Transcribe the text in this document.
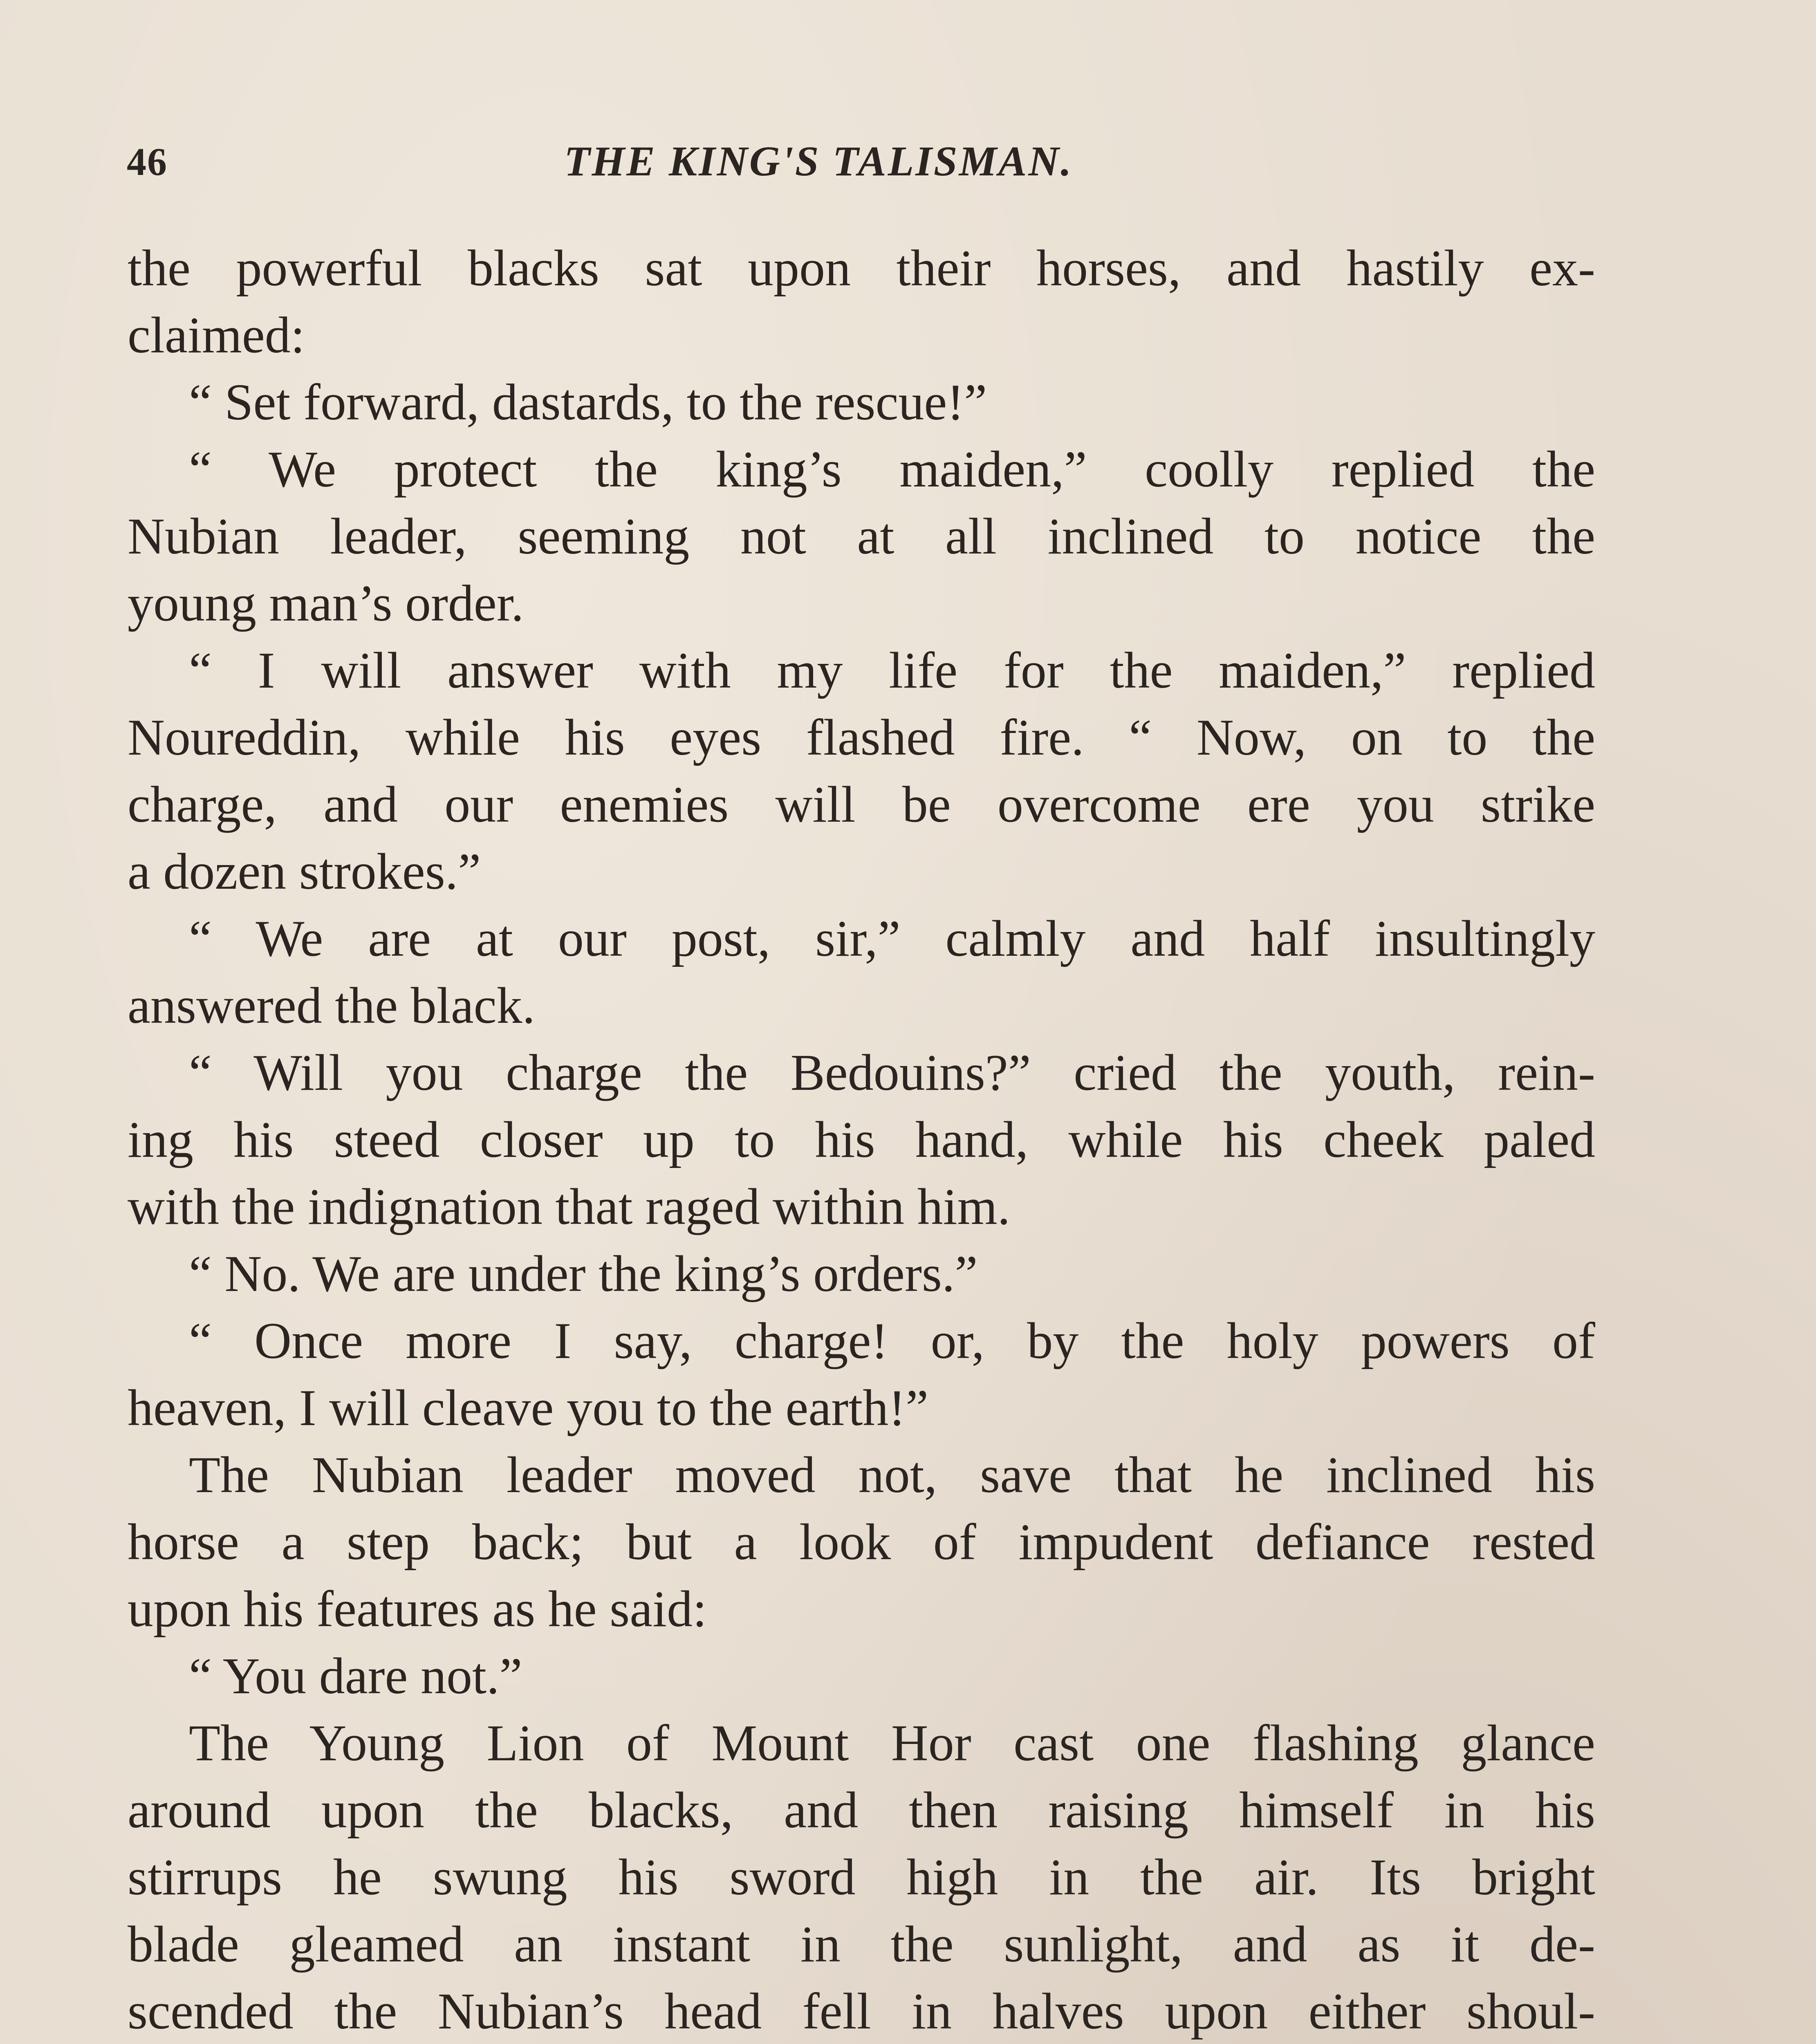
46	THE KING'S TALISMAN.
the powerful blacks sat upon their horses, and hastily ex-
claimed:
“ Set forward, dastards, to the rescue!”
“ We protect the king’s maiden,” coolly replied the
Nubian leader, seeming not at all inclined to notice the
young man’s order.
“ I will answer with my life for the maiden,” replied
Noureddin, while his eyes flashed fire. “ Now, on to the
charge, and our enemies will be overcome ere you strike
a dozen strokes.”
“ We are at our post, sir,” calmly and half insultingly
answered the black.
“ Will you charge the Bedouins?” cried the youth, rein-
ing his steed closer up to his hand, while his cheek paled
with the indignation that raged within him.
“ No. We are under the king’s orders.”
“ Once more I say, charge! or, by the holy powers of
heaven, I will cleave you to the earth!”
The Nubian leader moved not, save that he inclined his
horse a step back; but a look of impudent defiance rested
upon his features as he said:
“ You dare not.”
The Young Lion of Mount Hor cast one flashing glance
around upon the blacks, and then raising himself in his
stirrups he swung his sword high in the air. Its bright
blade gleamed an instant in the sunlight, and as it de-
scended the Nubian’s head fell in halves upon either shoul-
